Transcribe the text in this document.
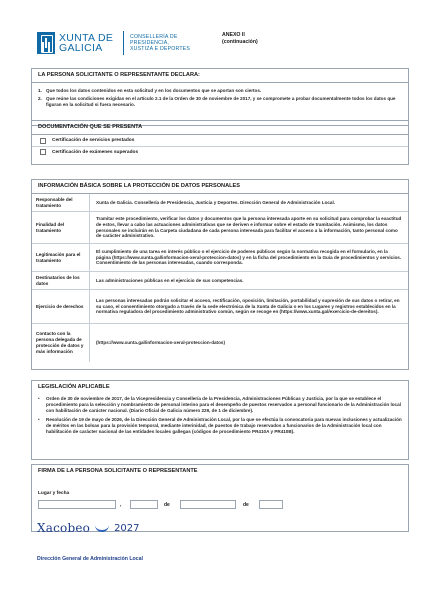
XUNTA DE GALICIA
CONSELLERÍA DE PRESIDENCIA, XUSTIZA E DEPORTES
ANEXO II
(continuación)
LA PERSONA SOLICITANTE O REPRESENTANTE DECLARA:
1. Que todos los datos contenidos en esta solicitud y en los documentos que se aportan son ciertos.
2. Que reúne las condiciones exigidas en el artículo 2.1 de la Orden de 30 de noviembre de 2017, y se compromete a probar documentalmente todos los datos que figuran en la solicitud si fuera necesario.
DOCUMENTACIÓN QUE SE PRESENTA
Certificación de servicios prestados
Certificación de exámenes superados
INFORMACIÓN BÁSICA SOBRE LA PROTECCIÓN DE DATOS PERSONALES
Responsable del tratamiento
Xunta de Galicia. Consellería de Presidencia, Justicia y Deportes. Dirección General de Administración Local.
Finalidad del tratamiento
Tramitar este procedimiento, verificar los datos y documentos que la persona interesada aporte en su solicitud para comprobar la exactitud de estos, llevar a cabo las actuaciones administrativas que se deriven e informar sobre el estado de tramitación. Asimismo, los datos personales se incluirán en la Carpeta ciudadana de cada persona interesada para facilitar el acceso a la información, tanto personal como de carácter administrativo.
Legitimación para el tratamiento
El cumplimiento de una tarea en interés público o el ejercicio de poderes públicos según la normativa recogida en el formulario, en la página (https://www.xunta.gal/informacion-xeral-proteccion-datos) y en la ficha del procedimiento en la Guía de procedimientos y servicios. Consentimiento de las personas interesadas, cuando corresponda.
Destinatarios de los datos
Las administraciones públicas en el ejercicio de sus competencias.
Ejercicio de derechos
Las personas interesadas podrán solicitar el acceso, rectificación, oposición, limitación, portabilidad y supresión de sus datos o retirar, en su caso, el consentimiento otorgado a través de la sede electrónica de la Xunta de Galicia o en los Lugares y registros establecidos en la normativa reguladora del procedimiento administrativo común, según se recoge en (https://www.xunta.gal/exercicio-de-dereitos).
Contacto con la persona delegada de protección de datos y más información
(https://www.xunta.gal/informacion-xeral-proteccion-datos)
LEGISLACIÓN APLICABLE
•	Orden de 30 de noviembre de 2017, de la Vicepresidencia y Consellería de la Presidencia, Administraciones Públicas y Justicia, por la que se establece el procedimiento para la selección y nombramiento de personal interino para el desempeño de puestos reservados a personal funcionario de la Administración local con habilitación de carácter nacional. (Diario Oficial de Galicia número 229, de 1 de diciembre).
•	Resolución de 19 de mayo de 2026, de la Dirección General de Administración Local, por la que se efectúa la convocatoria para nuevas inclusiones y actualización de méritos en las bolsas para la provisión temporal, mediante interinidad, de puestos de trabajo reservados a funcionarios de la Administración local con habilitación de carácter nacional de las entidades locales gallegas (códigos de procedimiento PR410A y PR410B).
FIRMA DE LA PERSONA SOLICITANTE O REPRESENTANTE
Lugar y fecha
,	de	de
Xacobeo 2027
Dirección General de Administración Local
